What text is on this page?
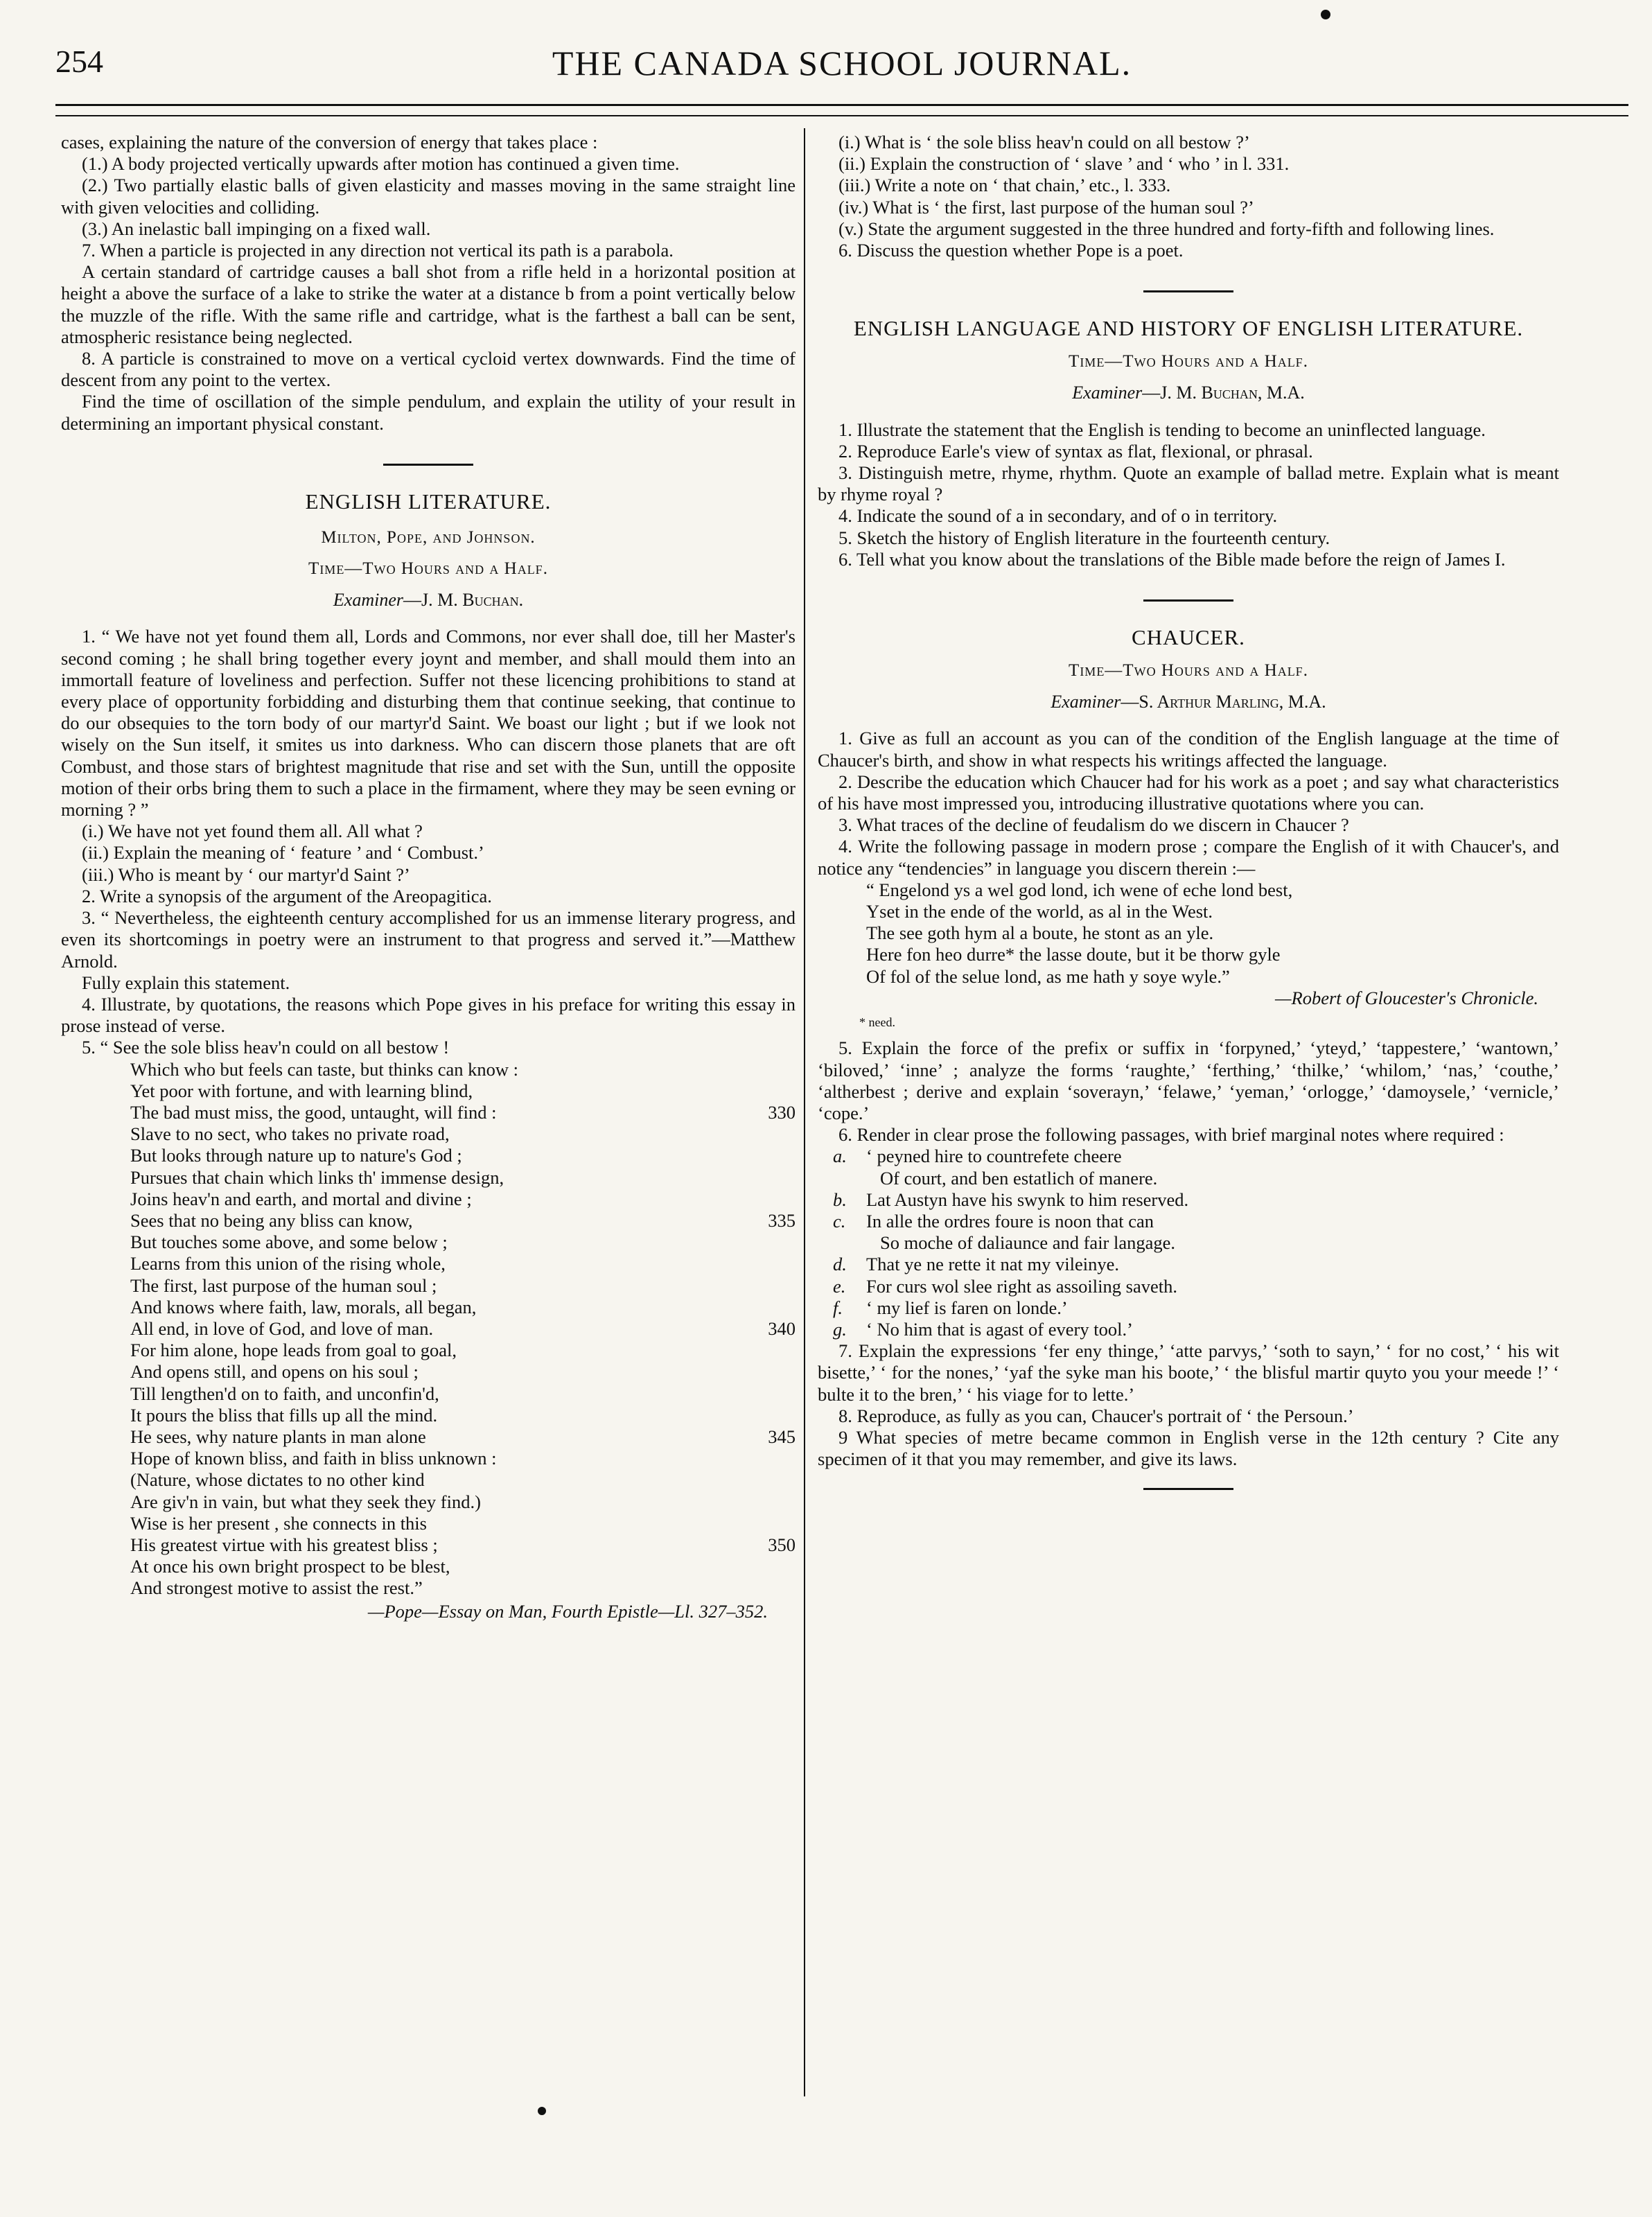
254	THE CANADA SCHOOL JOURNAL.

cases, explaining the nature of the conversion of energy that takes place :

(1.) A body projected vertically upwards after motion has continued a given time.

(2.) Two partially elastic balls of given elasticity and masses moving in the same straight line with given velocities and colliding.

(3.) An inelastic ball impinging on a fixed wall.

7. When a particle is projected in any direction not vertical its path is a parabola.

A certain standard of cartridge causes a ball shot from a rifle held in a horizontal position at height a above the surface of a lake to strike the water at a distance b from a point vertically below the muzzle of the rifle. With the same rifle and cartridge, what is the farthest a ball can be sent, atmospheric resistance being neglected.

8. A particle is constrained to move on a vertical cycloid vertex downwards. Find the time of descent from any point to the vertex.

Find the time of oscillation of the simple pendulum, and explain the utility of your result in determining an important physical constant.

ENGLISH LITERATURE.
Milton, Pope, and Johnson.
Time—Two Hours and a Half.
Examiner—J. M. Buchan.

1. “ We have not yet found them all, Lords and Commons, nor ever shall doe, till her Master's second coming ; he shall bring together every joynt and member, and shall mould them into an immortall feature of loveliness and perfection. Suffer not these licencing prohibitions to stand at every place of opportunity forbidding and disturbing them that continue seeking, that continue to do our obsequies to the torn body of our martyr'd Saint. We boast our light ; but if we look not wisely on the Sun itself, it smites us into darkness. Who can discern those planets that are oft Combust, and those stars of brightest magnitude that rise and set with the Sun, untill the opposite motion of their orbs bring them to such a place in the firmament, where they may be seen evning or morning ? ”

(i.) We have not yet found them all. All what ?

(ii.) Explain the meaning of ‘ feature ’ and ‘ Combust.’

(iii.) Who is meant by ‘ our martyr'd Saint ?’

2. Write a synopsis of the argument of the Areopagitica.

3. “ Nevertheless, the eighteenth century accomplished for us an immense literary progress, and even its shortcomings in poetry were an instrument to that progress and served it.”—Matthew Arnold.

Fully explain this statement.

4. Illustrate, by quotations, the reasons which Pope gives in his preface for writing this essay in prose instead of verse.

5. “ See the sole bliss heav'n could on all bestow !

Which who but feels can taste, but thinks can know :
Yet poor with fortune, and with learning blind,
The bad must miss, the good, untaught, will find :	330
Slave to no sect, who takes no private road,
But looks through nature up to nature's God ;
Pursues that chain which links th' immense design,
Joins heav'n and earth, and mortal and divine ;
Sees that no being any bliss can know,	335
But touches some above, and some below ;
Learns from this union of the rising whole,
The first, last purpose of the human soul ;
And knows where faith, law, morals, all began,
All end, in love of God, and love of man.	340
For him alone, hope leads from goal to goal,
And opens still, and opens on his soul ;
Till lengthen'd on to faith, and unconfin'd,
It pours the bliss that fills up all the mind.
He sees, why nature plants in man alone	345
Hope of known bliss, and faith in bliss unknown :
(Nature, whose dictates to no other kind
Are giv'n in vain, but what they seek they find.)
Wise is her present , she connects in this
His greatest virtue with his greatest bliss ;	350
At once his own bright prospect to be blest,
And strongest motive to assist the rest.”
—Pope—Essay on Man, Fourth Epistle—Ll. 327–352.

(i.) What is ‘ the sole bliss heav'n could on all bestow ?’

(ii.) Explain the construction of ‘ slave ’ and ‘ who ’ in l. 331.

(iii.) Write a note on ‘ that chain,’ etc., l. 333.

(iv.) What is ‘ the first, last purpose of the human soul ?’

(v.) State the argument suggested in the three hundred and forty-fifth and following lines.

6. Discuss the question whether Pope is a poet.

ENGLISH LANGUAGE AND HISTORY OF ENGLISH LITERATURE.
Time—Two Hours and a Half.
Examiner—J. M. Buchan, M.A.

1. Illustrate the statement that the English is tending to become an uninflected language.

2. Reproduce Earle's view of syntax as flat, flexional, or phrasal.

3. Distinguish metre, rhyme, rhythm. Quote an example of ballad metre. Explain what is meant by rhyme royal ?

4. Indicate the sound of a in secondary, and of o in territory.

5. Sketch the history of English literature in the fourteenth century.

6. Tell what you know about the translations of the Bible made before the reign of James I.

CHAUCER.
Time—Two Hours and a Half.
Examiner—S. Arthur Marling, M.A.

1. Give as full an account as you can of the condition of the English language at the time of Chaucer's birth, and show in what respects his writings affected the language.

2. Describe the education which Chaucer had for his work as a poet ; and say what characteristics of his have most impressed you, introducing illustrative quotations where you can.

3. What traces of the decline of feudalism do we discern in Chaucer ?

4. Write the following passage in modern prose ; compare the English of it with Chaucer's, and notice any “tendencies” in language you discern therein :—

“ Engelond ys a wel god lond, ich wene of eche lond best,
Yset in the ende of the world, as al in the West.
The see goth hym al a boute, he stont as an yle.
Here fon heo durre* the lasse doute, but it be thorw gyle
Of fol of the selue lond, as me hath y soye wyle.”
—Robert of Gloucester's Chronicle.
* need.

5. Explain the force of the prefix or suffix in ‘forpyned,’ ‘yteyd,’ ‘tappestere,’ ‘wantown,’ ‘biloved,’ ‘inne’ ; analyze the forms ‘raughte,’ ‘ferthing,’ ‘thilke,’ ‘whilom,’ ‘nas,’ ‘couthe,’ ‘altherbest ; derive and explain ‘soverayn,’ ‘felawe,’ ‘yeman,’ ‘orlogge,’ ‘damoysele,’ ‘vernicle,’ ‘cope.’

6. Render in clear prose the following passages, with brief marginal notes where required :

a. ‘ peyned hire to countrefete cheere
Of court, and ben estatlich of manere.
b. Lat Austyn have his swynk to him reserved.
c. In alle the ordres foure is noon that can
So moche of daliaunce and fair langage.
d. That ye ne rette it nat my vileinye.
e. For curs wol slee right as assoiling saveth.
f. ‘ my lief is faren on londe.’
g. ‘ No him that is agast of every tool.’

7. Explain the expressions ‘fer eny thinge,’ ‘atte parvys,’ ‘soth to sayn,’ ‘ for no cost,’ ‘ his wit bisette,’ ‘ for the nones,’ ‘yaf the syke man his boote,’ ‘ the blisful martir quyto you your meede !’ ‘ bulte it to the bren,’ ‘ his viage for to lette.’

8. Reproduce, as fully as you can, Chaucer's portrait of ‘ the Persoun.’

9 What species of metre became common in English verse in the 12th century ? Cite any specimen of it that you may remember, and give its laws.
